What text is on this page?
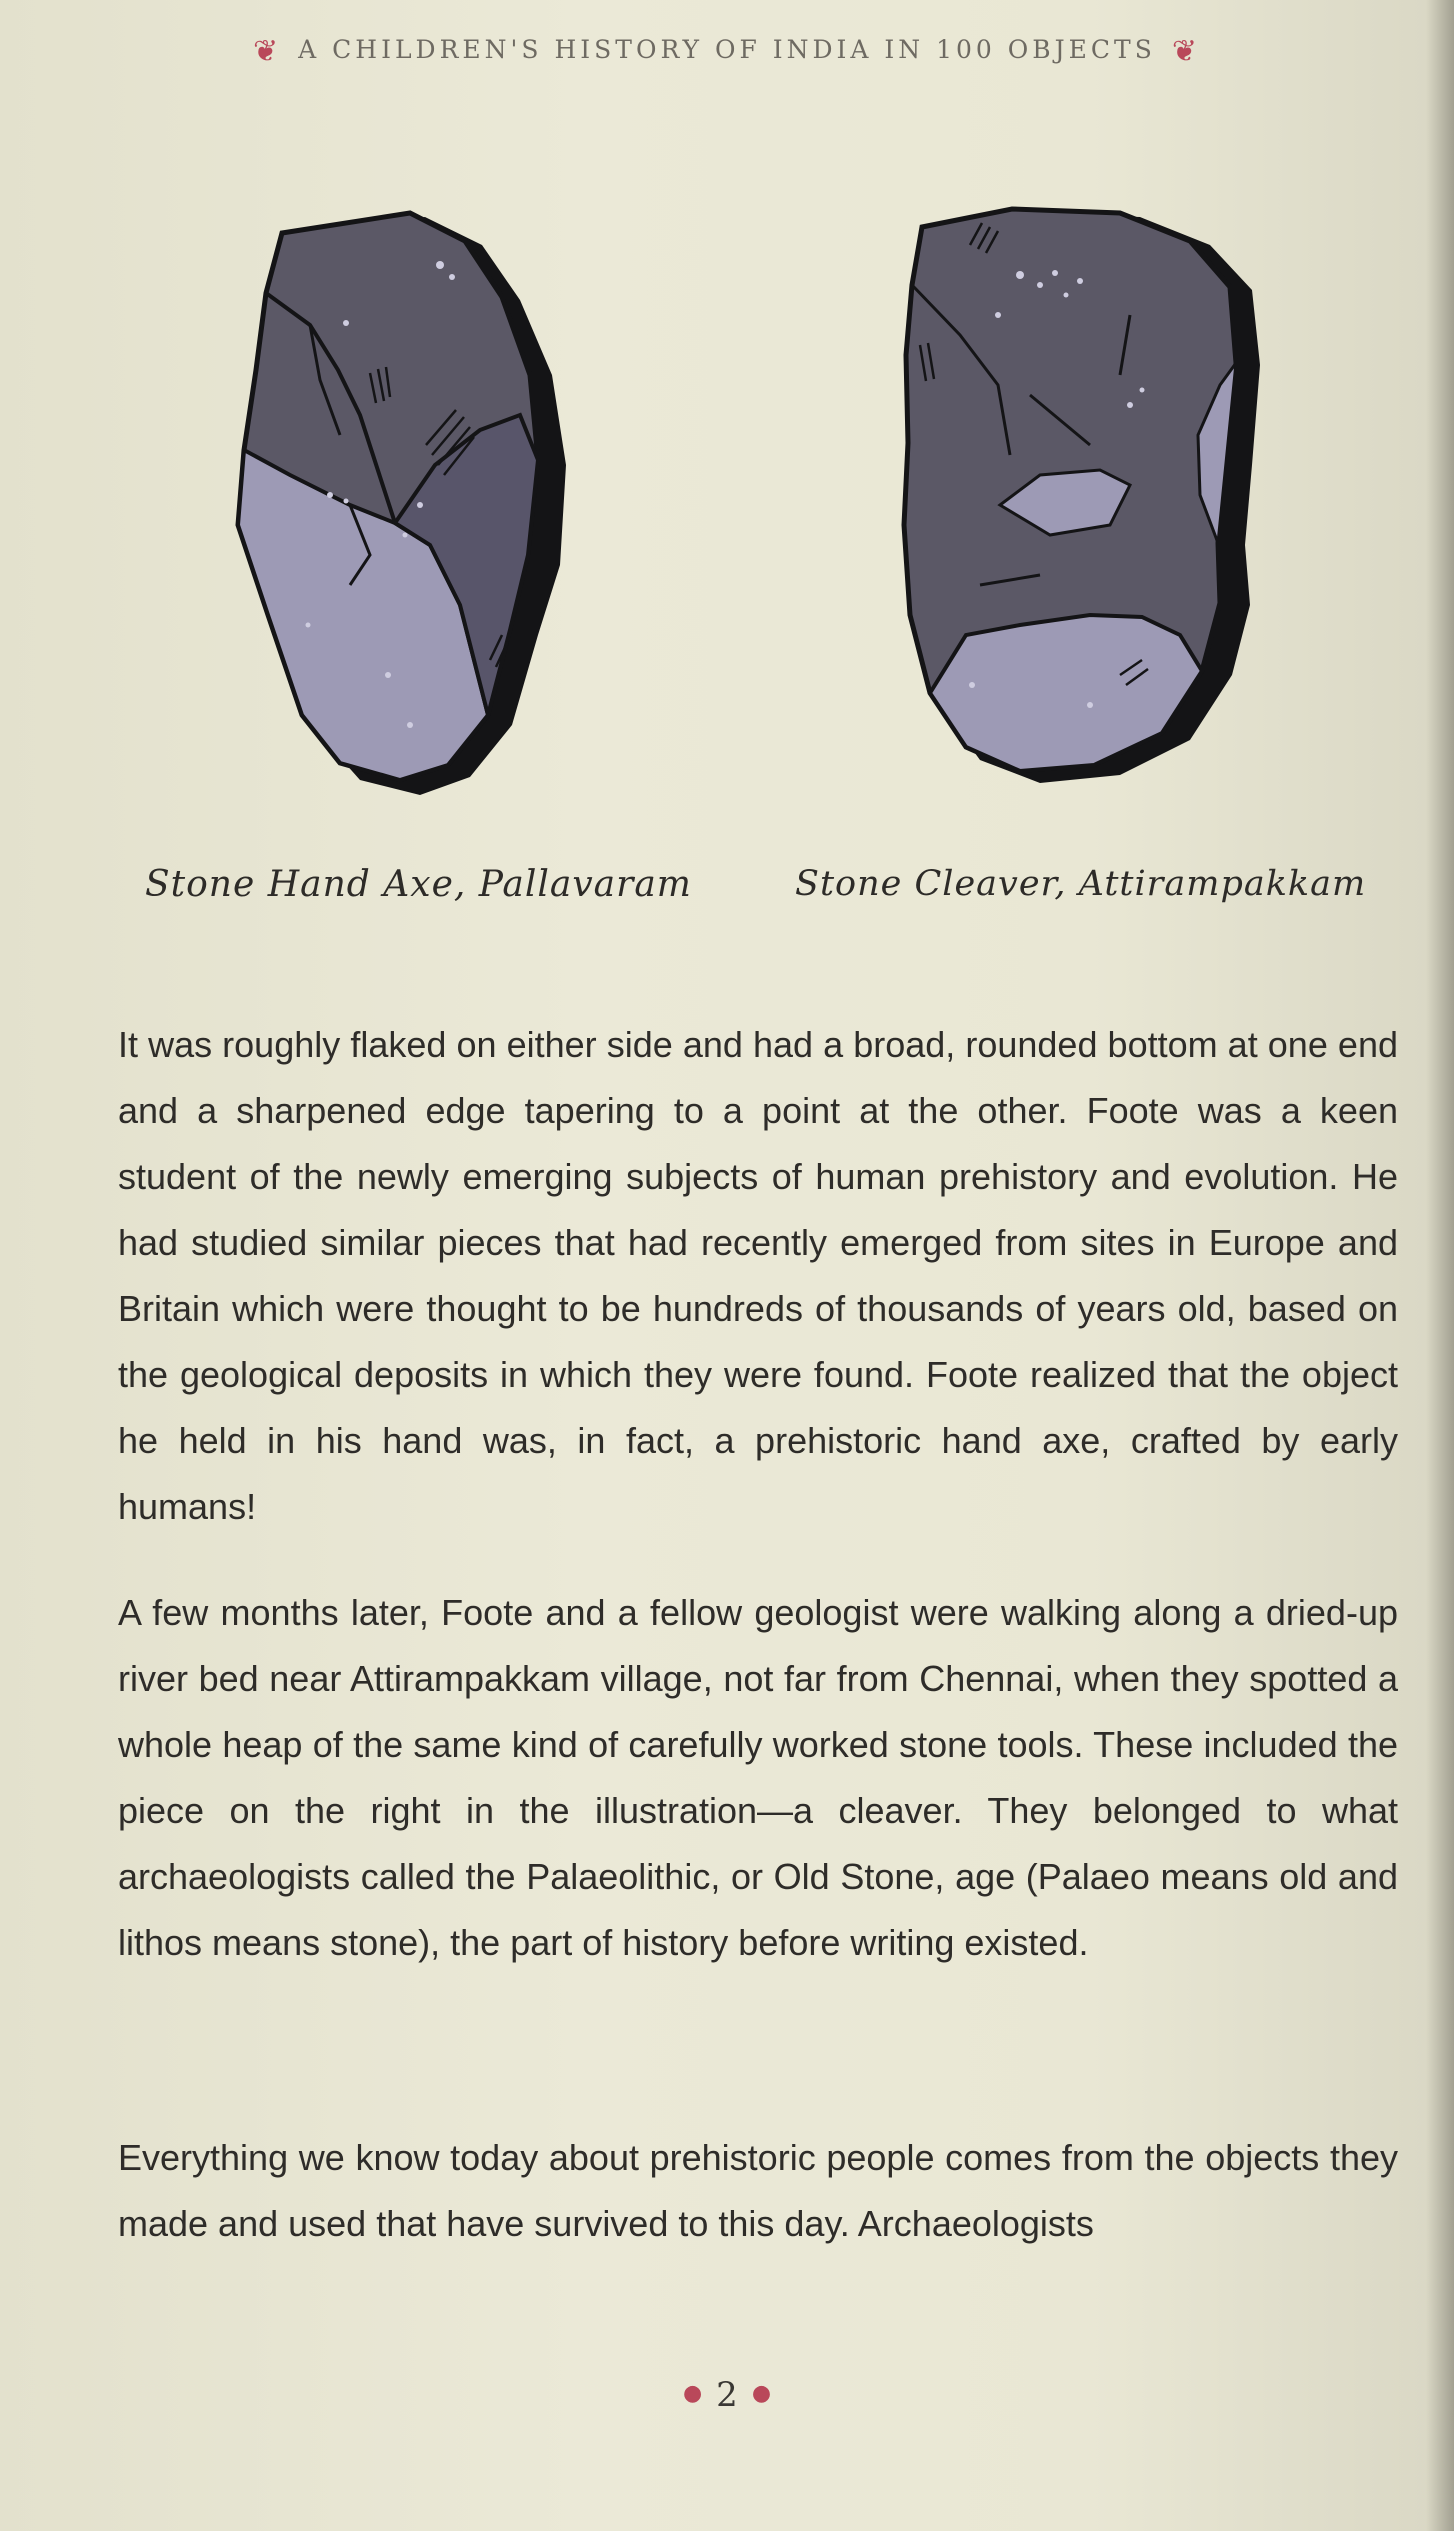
❦ A CHILDREN'S HISTORY OF INDIA IN 100 OBJECTS ❦
Stone Hand Axe, Pallavaram	Stone Cleaver, Attirampakkam
It was roughly flaked on either side and had a broad, rounded bottom at one end and a sharpened edge tapering to a point at the other. Foote was a keen student of the newly emerging subjects of human prehistory and evolution. He had studied similar pieces that had recently emerged from sites in Europe and Britain which were thought to be hundreds of thousands of years old, based on the geological deposits in which they were found. Foote realized that the object he held in his hand was, in fact, a prehistoric hand axe, crafted by early humans!
A few months later, Foote and a fellow geologist were walking along a dried-up river bed near Attirampakkam village, not far from Chennai, when they spotted a whole heap of the same kind of carefully worked stone tools. These included the piece on the right in the illustration—a cleaver. They belonged to what archaeologists called the Palaeolithic, or Old Stone, age (Palaeo means old and lithos means stone), the part of history before writing existed.
Everything we know today about prehistoric people comes from the objects they made and used that have survived to this day. Archaeologists
● 2 ●
